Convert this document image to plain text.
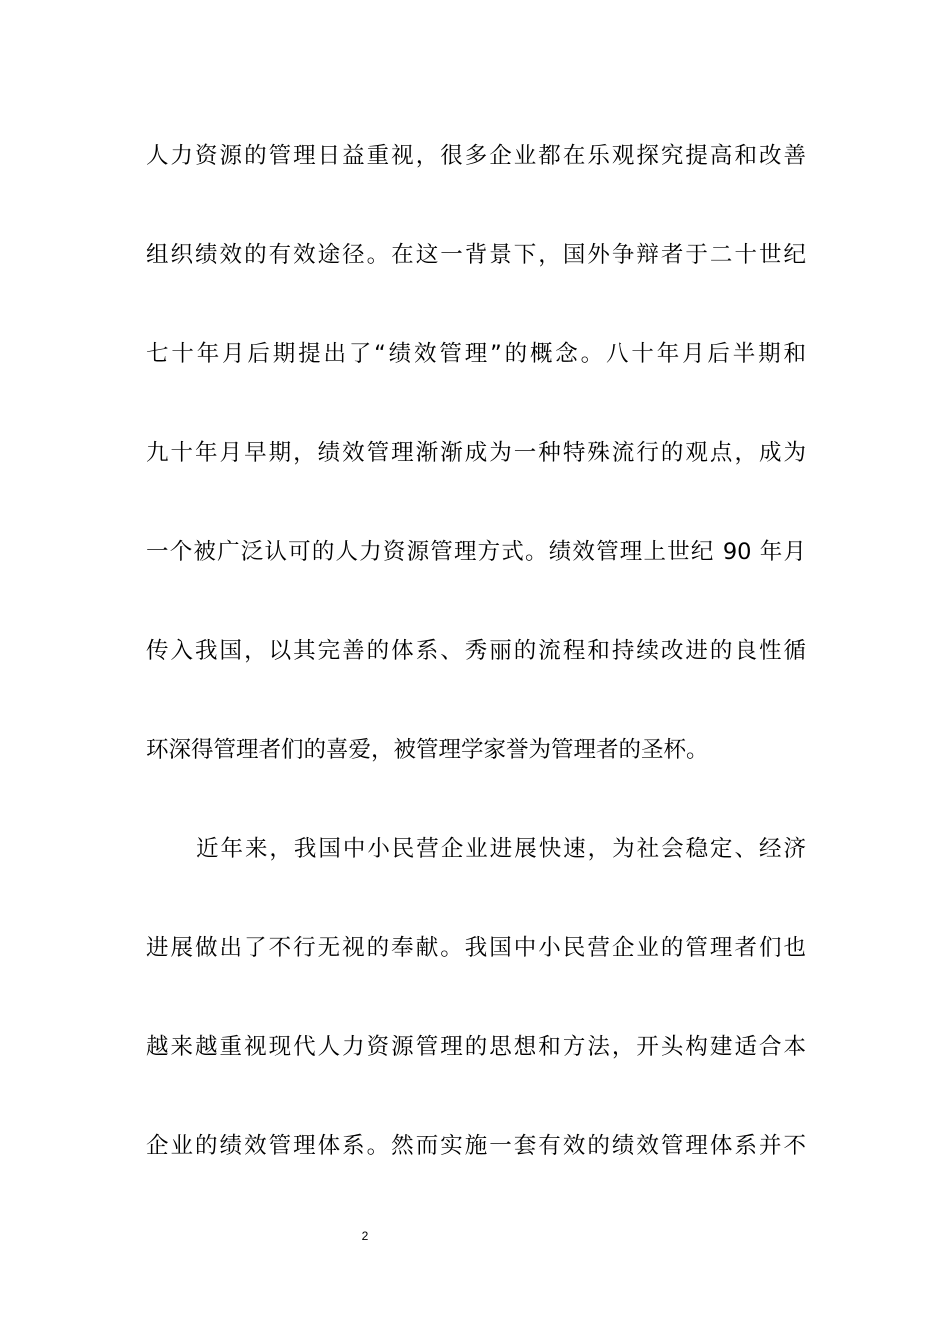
人力资源的管理日益重视，很多企业都在乐观探究提高和改善
组织绩效的有效途径。在这一背景下，国外争辩者于二十世纪
七十年月后期提出了“绩效管理”的概念。八十年月后半期和
九十年月早期，绩效管理渐渐成为一种特殊流行的观点，成为
一个被广泛认可的人力资源管理方式。绩效管理上世纪 90 年月
传入我国，以其完善的体系、秀丽的流程和持续改进的良性循
环深得管理者们的喜爱，被管理学家誉为管理者的圣杯。
近年来，我国中小民营企业进展快速，为社会稳定、经济
进展做出了不行无视的奉献。我国中小民营企业的管理者们也
越来越重视现代人力资源管理的思想和方法，开头构建适合本
企业的绩效管理体系。然而实施一套有效的绩效管理体系并不
2
